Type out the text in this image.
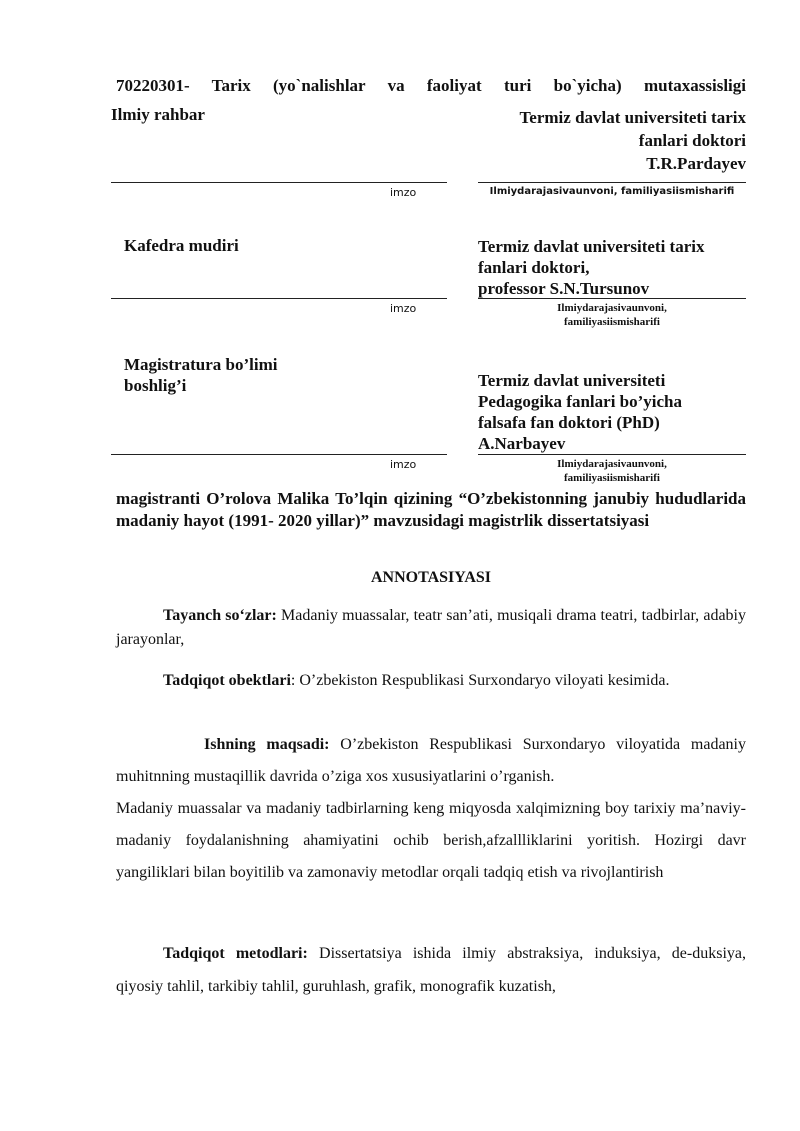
70220301- Tarix (yo`nalishlar va faoliyat turi bo`yicha) mutaxassisligi
Ilmiy rahbar	Termiz davlat universiteti tarix
fanlari doktori
T.R.Pardayev
imzo	Ilmiydarajasivaunvoni, familiyasiismisharifi
Kafedra mudiri	Termiz davlat universiteti tarix
fanlari doktori,
professor S.N.Tursunov
imzo	Ilmiydarajasivaunvoni,
familiyasiismisharifi
Magistratura bo’limi
boshlig’i	Termiz davlat universiteti
Pedagogika fanlari bo’yicha
falsafa fan doktori (PhD)
A.Narbayev
imzo	Ilmiydarajasivaunvoni,
familiyasiismisharifi
magistranti O’rolova Malika To’lqin qizining “O’zbekistonning janubiy hududlarida madaniy hayot (1991- 2020 yillar)” mavzusidagi magistrlik dissertatsiyasi
ANNOTASIYASI
Tayanch so‘zlar: Madaniy muassalar, teatr san’ati, musiqali drama teatri, tadbirlar, adabiy jarayonlar,
Tadqiqot obektlari: O’zbekiston Respublikasi Surxondaryo viloyati kesimida.
Ishning maqsadi: O’zbekiston Respublikasi Surxondaryo viloyatida madaniy muhitnning mustaqillik davrida o’ziga xos xususiyatlarini o’rganish.
Madaniy muassalar va madaniy tadbirlarning keng miqyosda xalqimizning boy tarixiy ma’naviy-madaniy foydalanishning ahamiyatini ochib berish,afzallliklarini yoritish. Hozirgi davr yangiliklari bilan boyitilib va zamonaviy metodlar orqali tadqiq etish va rivojlantirish
Tadqiqot metodlari: Dissertatsiya ishida ilmiy abstraksiya, induksiya, de-duksiya, qiyosiy tahlil, tarkibiy tahlil, guruhlash, grafik, monografik kuzatish,
